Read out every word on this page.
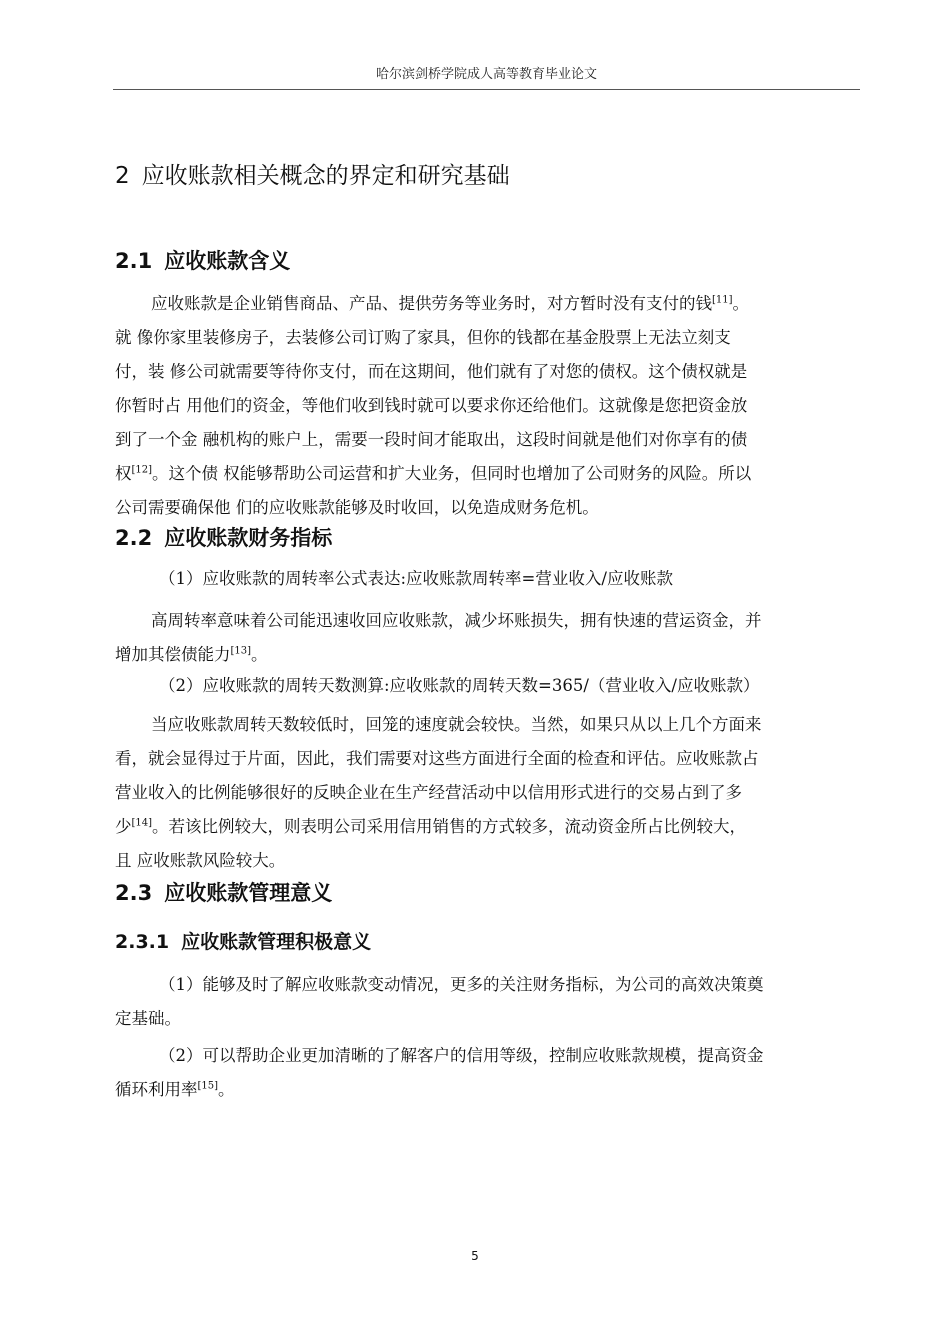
哈尔滨剑桥学院成人高等教育毕业论文
2 应收账款相关概念的界定和研究基础
2.1 应收账款含义

应收账款是企业销售商品、产品、提供劳务等业务时，对方暂时没有支付的钱[11]。
就 像你家里装修房子，去装修公司订购了家具，但你的钱都在基金股票上无法立刻支
付，装 修公司就需要等待你支付，而在这期间，他们就有了对您的债权。这个债权就是
你暂时占 用他们的资金，等他们收到钱时就可以要求你还给他们。这就像是您把资金放
到了一个金 融机构的账户上，需要一段时间才能取出，这段时间就是他们对你享有的债
权[12]。这个债 权能够帮助公司运营和扩大业务，但同时也增加了公司财务的风险。所以
公司需要确保他 们的应收账款能够及时收回，以免造成财务危机。

2.2 应收账款财务指标

（1）应收账款的周转率公式表达:应收账款周转率=营业收入/应收账款

高周转率意味着公司能迅速收回应收账款，减少坏账损失，拥有快速的营运资金，并
增加其偿债能力[13]。

（2）应收账款的周转天数测算:应收账款的周转天数=365/（营业收入/应收账款）

当应收账款周转天数较低时，回笼的速度就会较快。当然，如果只从以上几个方面来
看，就会显得过于片面，因此，我们需要对这些方面进行全面的检查和评估。应收账款占
营业收入的比例能够很好的反映企业在生产经营活动中以信用形式进行的交易占到了多
少[14]。若该比例较大，则表明公司采用信用销售的方式较多，流动资金所占比例较大，
且 应收账款风险较大。

2.3 应收账款管理意义
2.3.1 应收账款管理积极意义

（1）能够及时了解应收账款变动情况，更多的关注财务指标，为公司的高效决策奠
定基础。

（2）可以帮助企业更加清晰的了解客户的信用等级，控制应收账款规模，提高资金
循环利用率[15]。

5
